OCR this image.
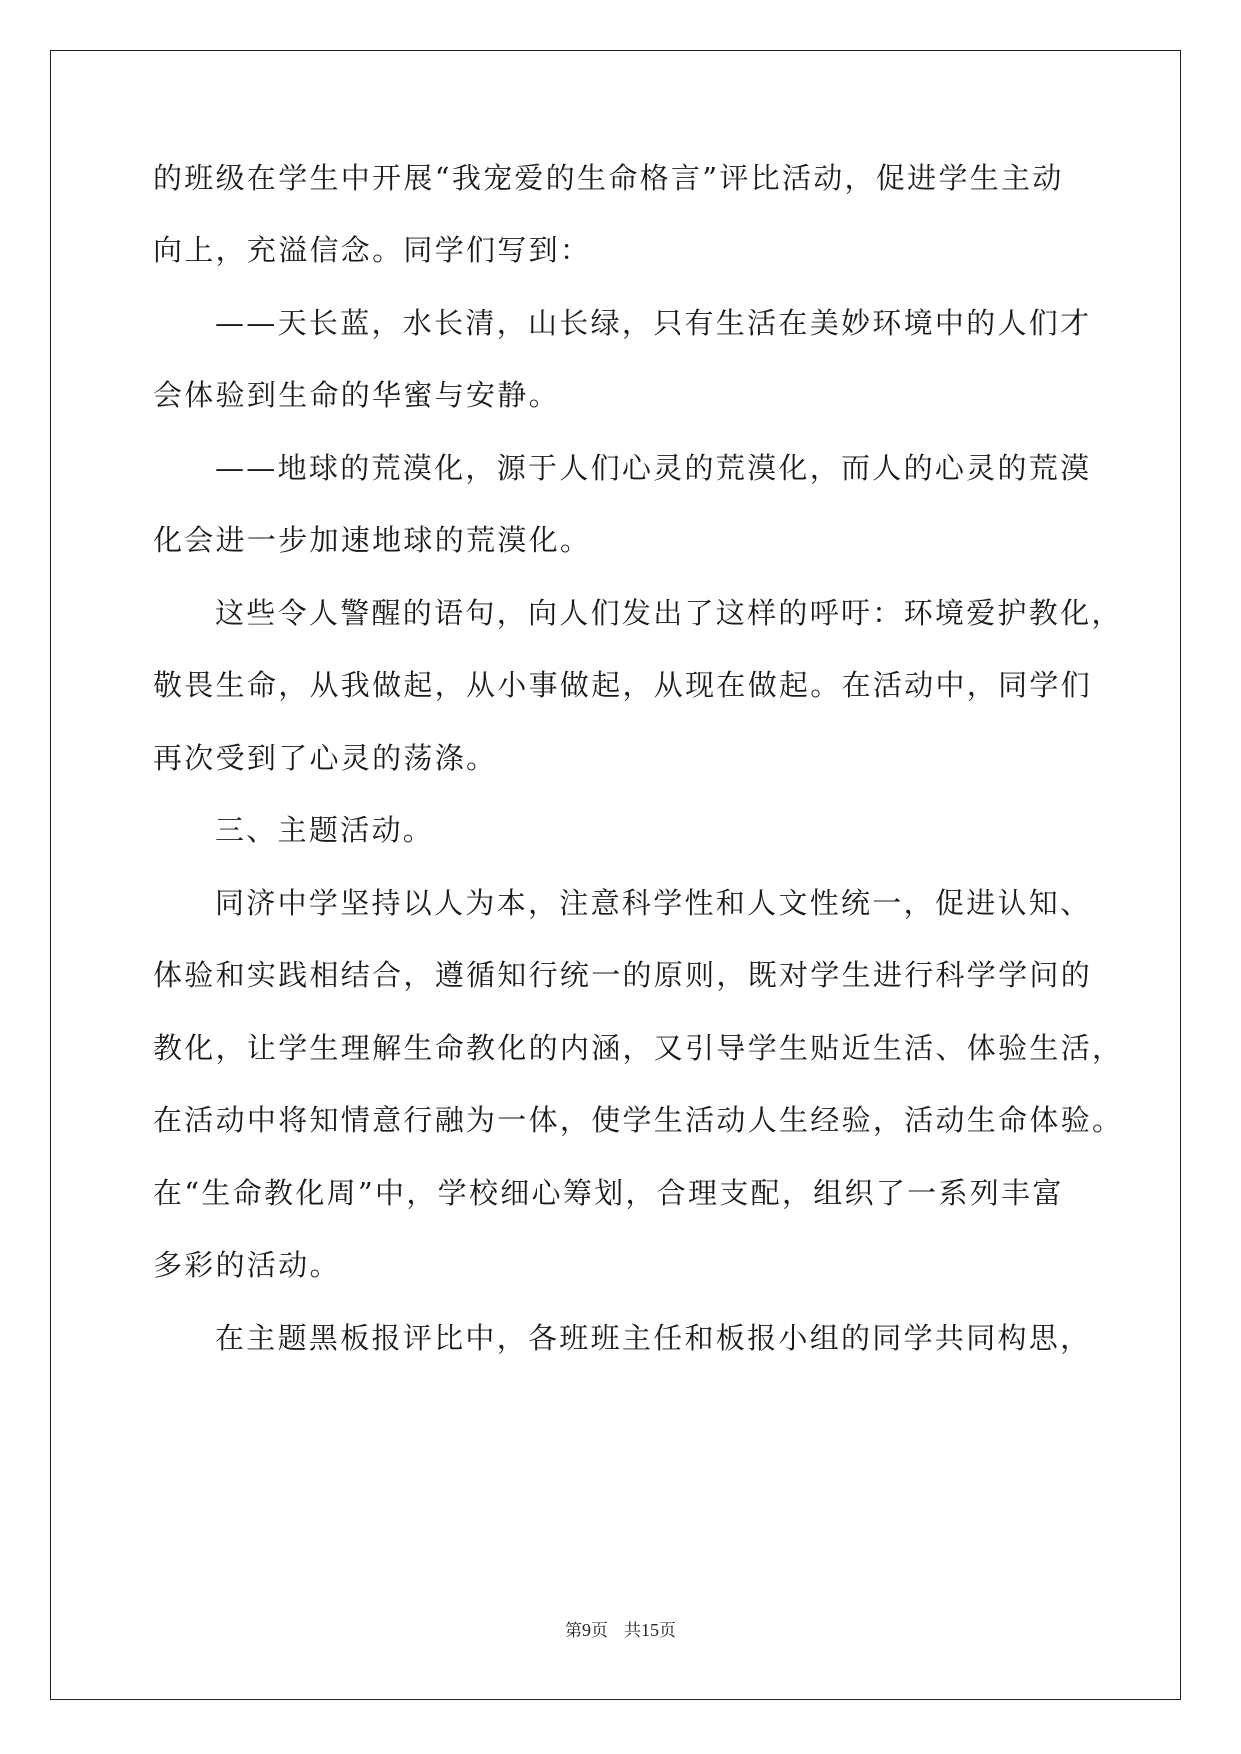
的班级在学生中开展“我宠爱的生命格言”评比活动，促进学生主动
向上，充溢信念。同学们写到：
——天长蓝，水长清，山长绿，只有生活在美妙环境中的人们才
会体验到生命的华蜜与安静。
——地球的荒漠化，源于人们心灵的荒漠化，而人的心灵的荒漠
化会进一步加速地球的荒漠化。
这些令人警醒的语句，向人们发出了这样的呼吁：环境爱护教化，
敬畏生命，从我做起，从小事做起，从现在做起。在活动中，同学们
再次受到了心灵的荡涤。
三、主题活动。
同济中学坚持以人为本，注意科学性和人文性统一，促进认知、
体验和实践相结合，遵循知行统一的原则，既对学生进行科学学问的
教化，让学生理解生命教化的内涵，又引导学生贴近生活、体验生活，
在活动中将知情意行融为一体，使学生活动人生经验，活动生命体验。
在“生命教化周”中，学校细心筹划，合理支配，组织了一系列丰富
多彩的活动。
在主题黑板报评比中，各班班主任和板报小组的同学共同构思，
第9页 共15页
